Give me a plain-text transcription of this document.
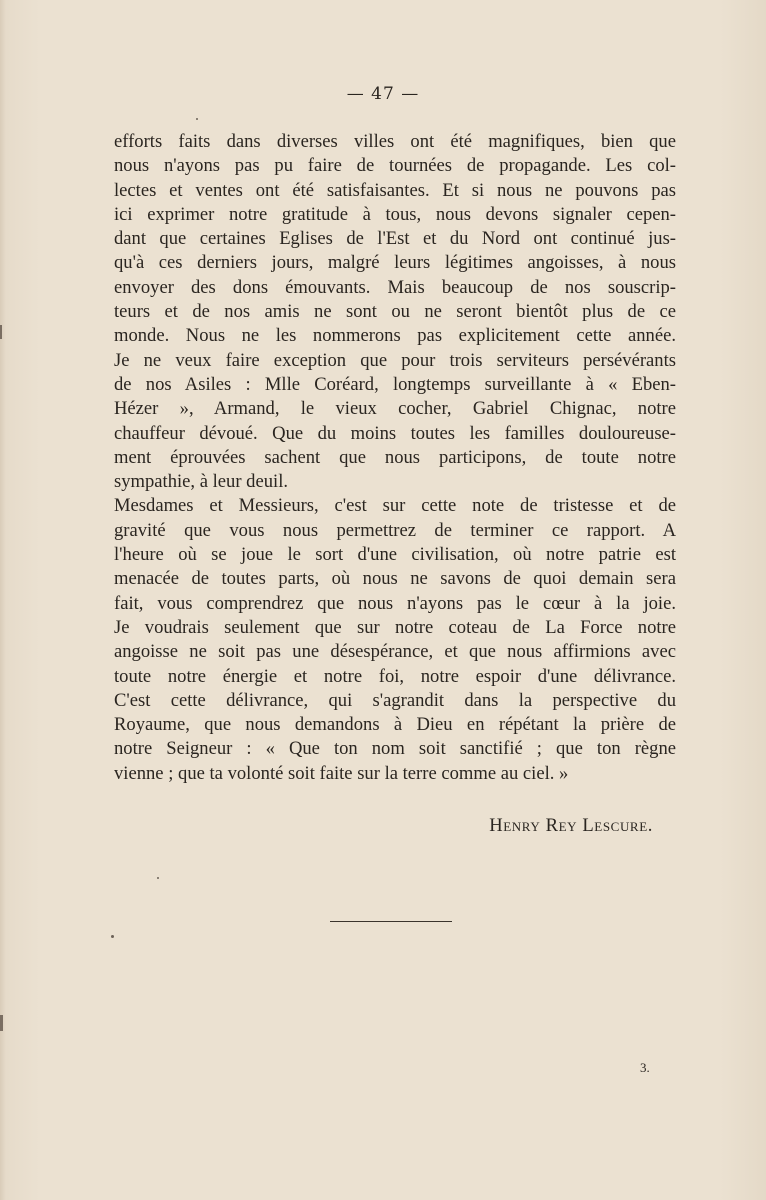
— 47 —
efforts faits dans diverses villes ont été magnifiques, bien que
nous n'ayons pas pu faire de tournées de propagande. Les col-
lectes et ventes ont été satisfaisantes. Et si nous ne pouvons pas
ici exprimer notre gratitude à tous, nous devons signaler cepen-
dant que certaines Eglises de l'Est et du Nord ont continué jus-
qu'à ces derniers jours, malgré leurs légitimes angoisses, à nous
envoyer des dons émouvants. Mais beaucoup de nos souscrip-
teurs et de nos amis ne sont ou ne seront bientôt plus de ce
monde. Nous ne les nommerons pas explicitement cette année.
Je ne veux faire exception que pour trois serviteurs persévérants
de nos Asiles : Mlle Coréard, longtemps surveillante à « Eben-
Hézer », Armand, le vieux cocher, Gabriel Chignac, notre
chauffeur dévoué. Que du moins toutes les familles douloureuse-
ment éprouvées sachent que nous participons, de toute notre
sympathie, à leur deuil.
Mesdames et Messieurs, c'est sur cette note de tristesse et de
gravité que vous nous permettrez de terminer ce rapport. A
l'heure où se joue le sort d'une civilisation, où notre patrie est
menacée de toutes parts, où nous ne savons de quoi demain sera
fait, vous comprendrez que nous n'ayons pas le cœur à la joie.
Je voudrais seulement que sur notre coteau de La Force notre
angoisse ne soit pas une désespérance, et que nous affirmions avec
toute notre énergie et notre foi, notre espoir d'une délivrance.
C'est cette délivrance, qui s'agrandit dans la perspective du
Royaume, que nous demandons à Dieu en répétant la prière de
notre Seigneur : « Que ton nom soit sanctifié ; que ton règne
vienne ; que ta volonté soit faite sur la terre comme au ciel. »
Henry Rey Lescure.
3.
